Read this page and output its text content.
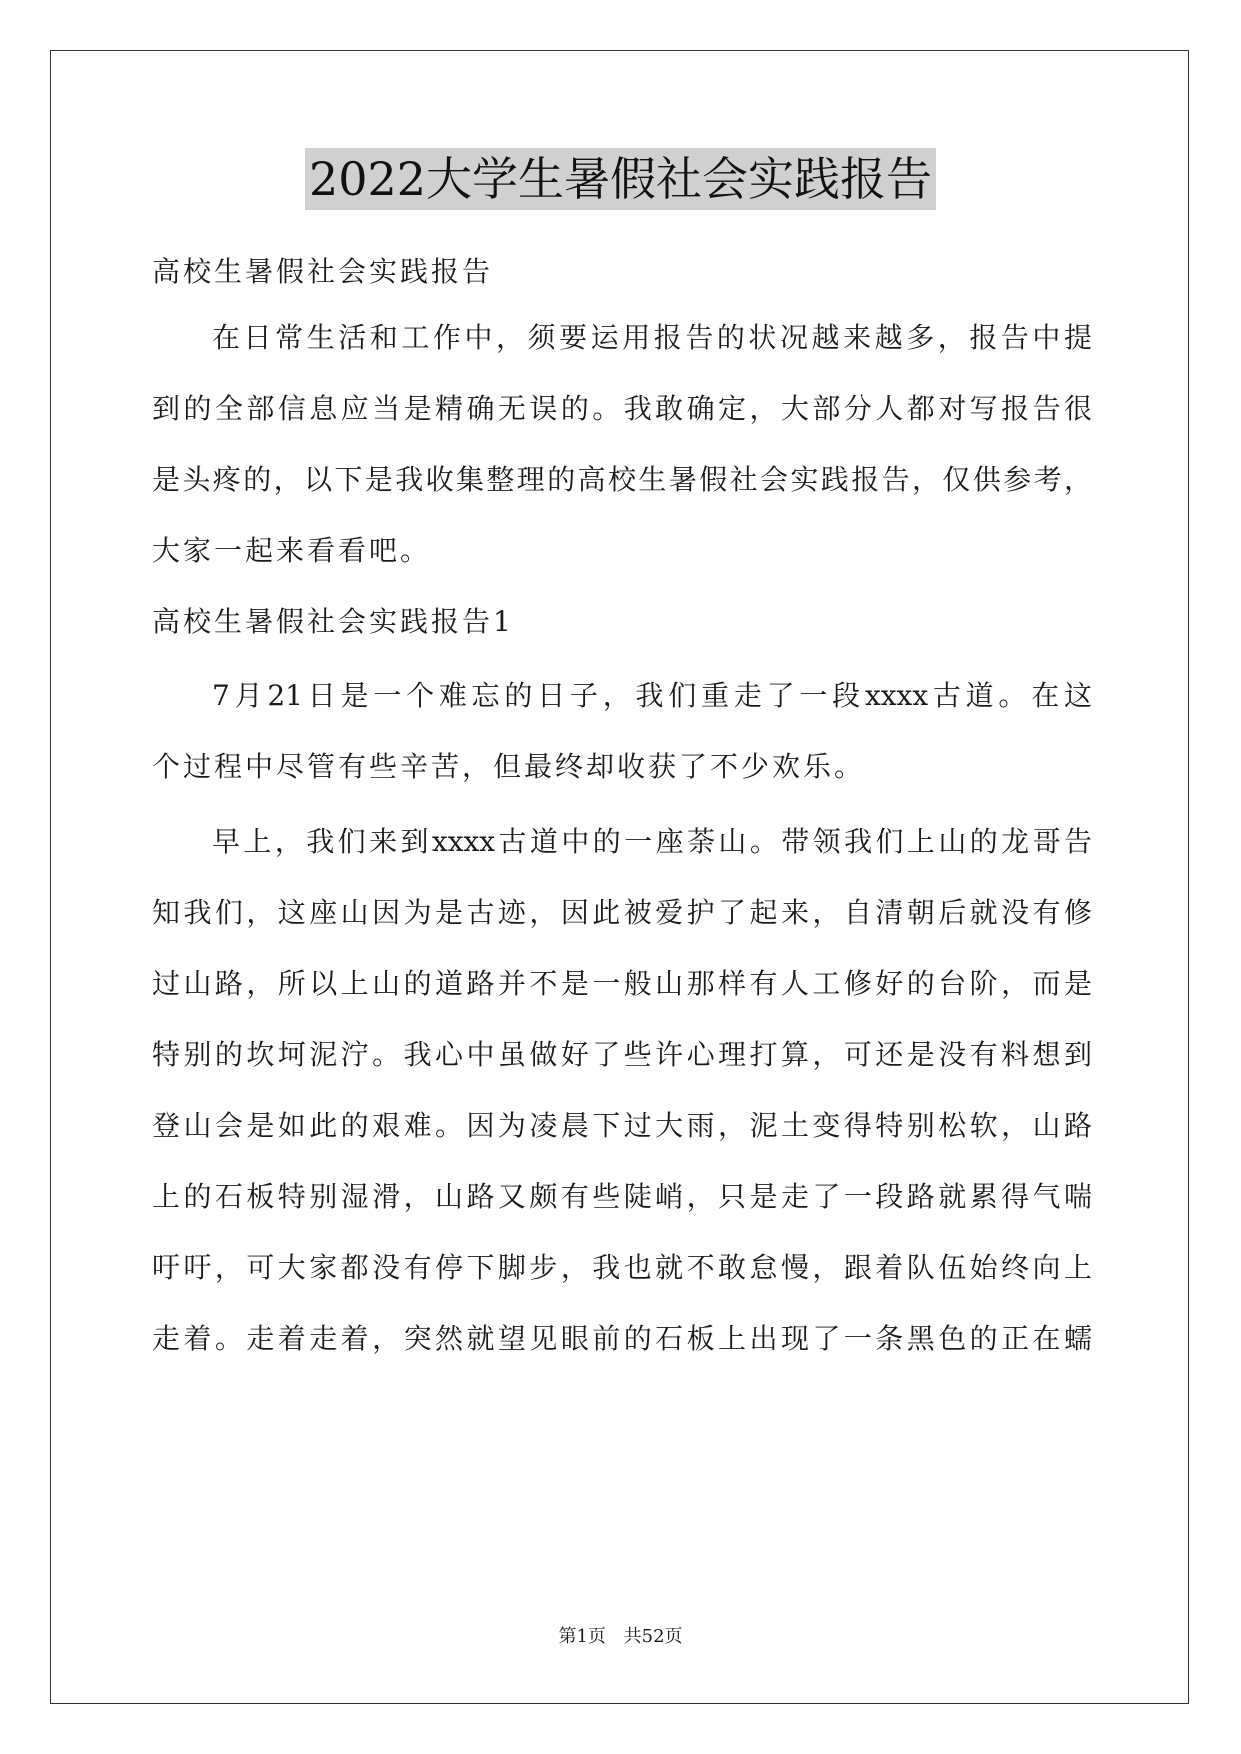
2022大学生暑假社会实践报告
高校生暑假社会实践报告
在日常生活和工作中，须要运用报告的状况越来越多，报告中提
到的全部信息应当是精确无误的。我敢确定，大部分人都对写报告很
是头疼的，以下是我收集整理的高校生暑假社会实践报告，仅供参考，
大家一起来看看吧。
高校生暑假社会实践报告1
7月21日是一个难忘的日子，我们重走了一段xxxx古道。在这
个过程中尽管有些辛苦，但最终却收获了不少欢乐。
早上，我们来到xxxx古道中的一座荼山。带领我们上山的龙哥告
知我们，这座山因为是古迹，因此被爱护了起来，自清朝后就没有修
过山路，所以上山的道路并不是一般山那样有人工修好的台阶，而是
特别的坎坷泥泞。我心中虽做好了些许心理打算，可还是没有料想到
登山会是如此的艰难。因为凌晨下过大雨，泥土变得特别松软，山路
上的石板特别湿滑，山路又颇有些陡峭，只是走了一段路就累得气喘
吁吁，可大家都没有停下脚步，我也就不敢怠慢，跟着队伍始终向上
走着。走着走着，突然就望见眼前的石板上出现了一条黑色的正在蠕
第1页 共52页
